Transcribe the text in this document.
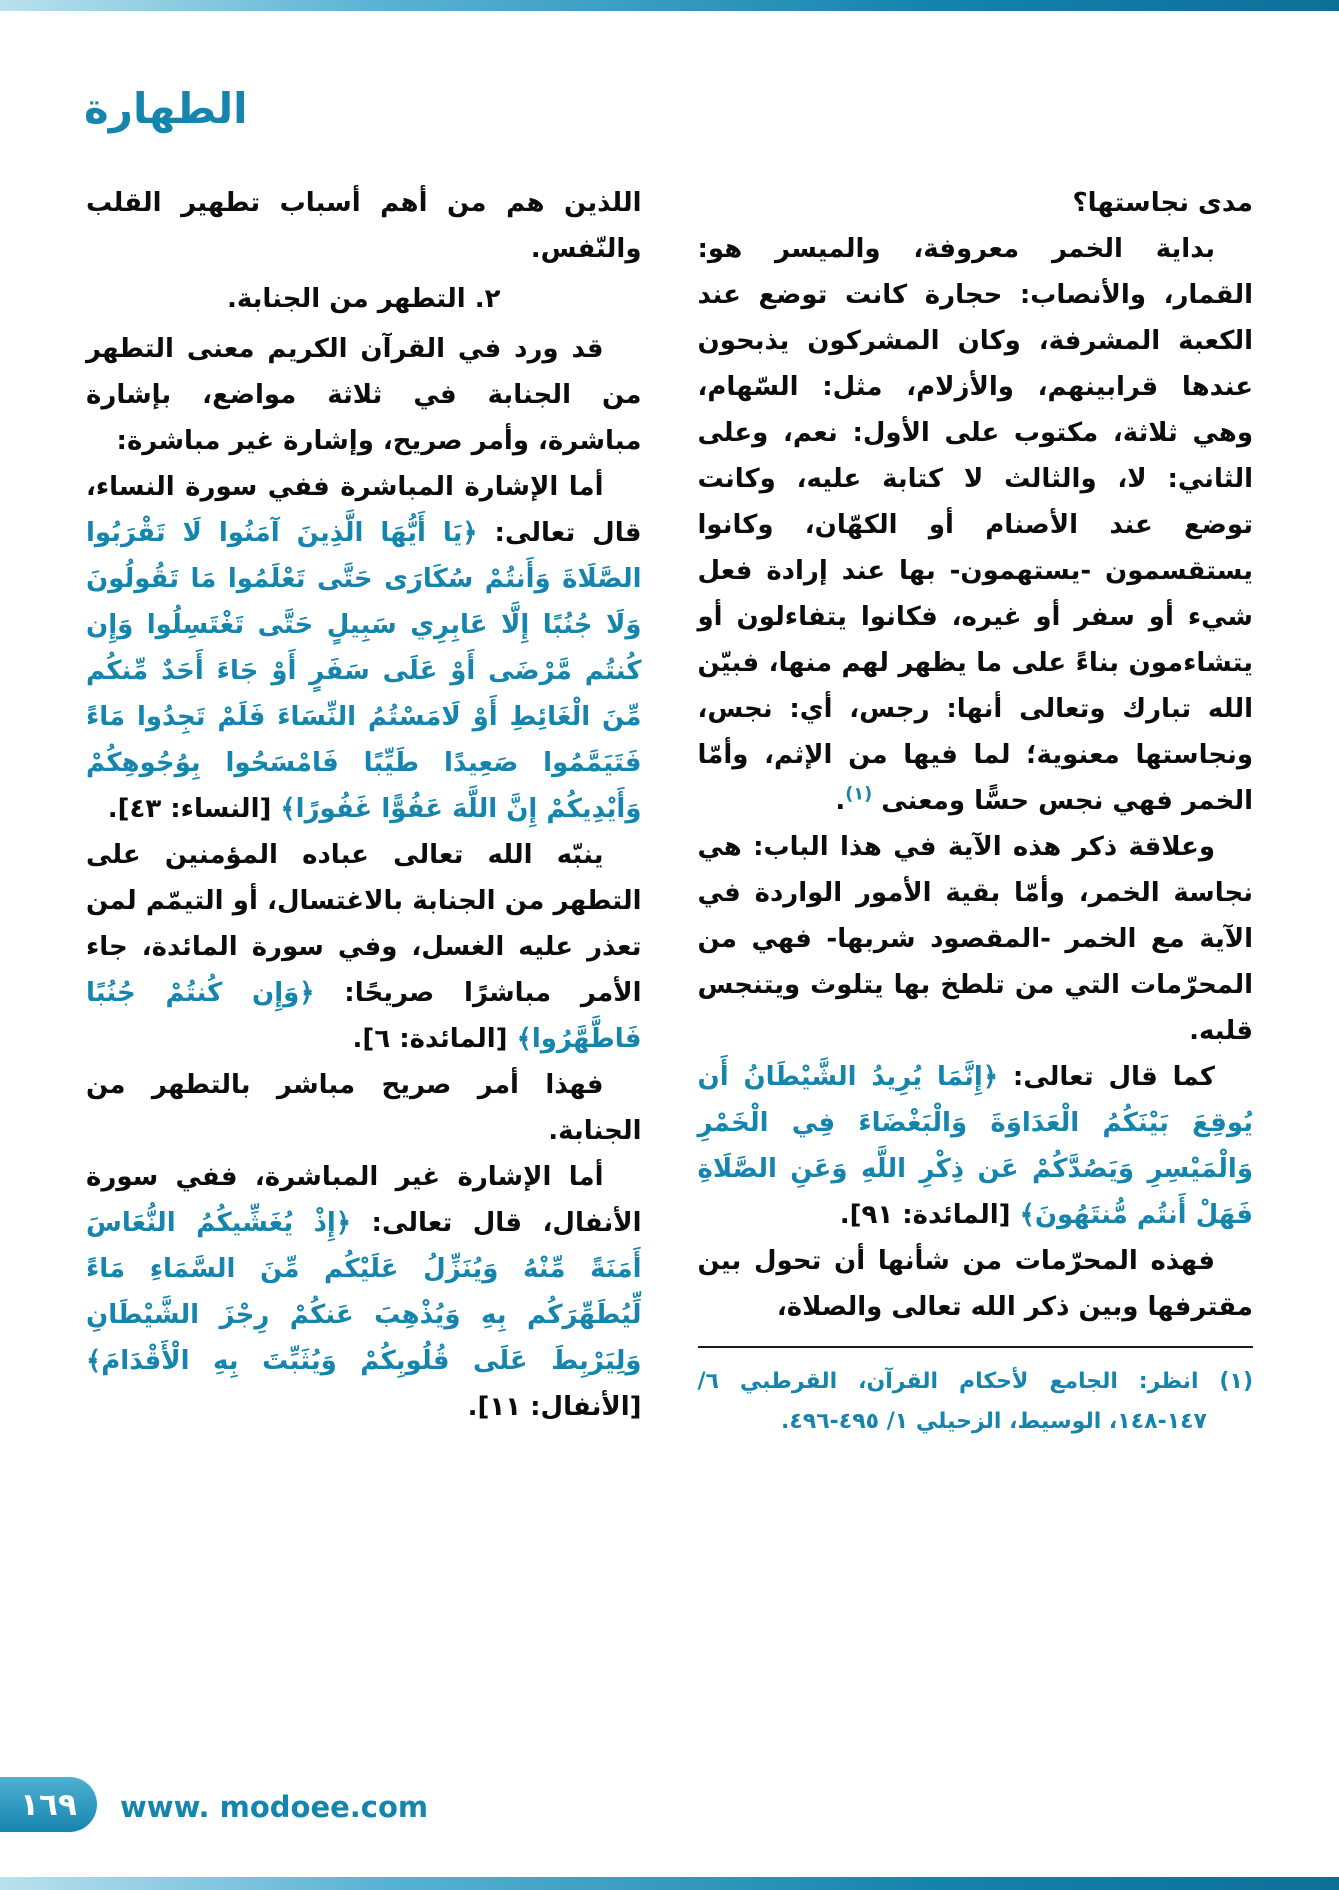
الطهارة

مدى نجاستها؟

بداية الخمر معروفة، والميسر هو: القمار، والأنصاب: حجارة كانت توضع عند الكعبة المشرفة، وكان المشركون يذبحون عندها قرابينهم، والأزلام، مثل: السّهام، وهي ثلاثة، مكتوب على الأول: نعم، وعلى الثاني: لا، والثالث لا كتابة عليه، وكانت توضع عند الأصنام أو الكهّان، وكانوا يستقسمون -يستهمون- بها عند إرادة فعل شيء أو سفر أو غيره، فكانوا يتفاءلون أو يتشاءمون بناءً على ما يظهر لهم منها، فبيّن الله تبارك وتعالى أنها: رجس، أي: نجس، ونجاستها معنوية؛ لما فيها من الإثم، وأمّا الخمر فهي نجس حسًّا ومعنى $^{(١)}$.

وعلاقة ذكر هذه الآية في هذا الباب: هي نجاسة الخمر، وأمّا بقية الأمور الواردة في الآية مع الخمر -المقصود شربها- فهي من المحرّمات التي من تلطخ بها يتلوث ويتنجس قلبه.

كما قال تعالى: ﴿إِنَّمَا يُرِيدُ الشَّيْطَانُ أَن يُوقِعَ بَيْنَكُمُ الْعَدَاوَةَ وَالْبَغْضَاءَ فِي الْخَمْرِ وَالْمَيْسِرِ وَيَصُدَّكُمْ عَن ذِكْرِ اللَّهِ وَعَنِ الصَّلَاةِ فَهَلْ أَنتُم مُّنتَهُونَ﴾ [المائدة: ٩١].

فهذه المحرّمات من شأنها أن تحول بين مقترفها وبين ذكر الله تعالى والصلاة،

(١) انظر: الجامع لأحكام القرآن، القرطبي ٦/ ١٤٧-١٤٨، الوسيط، الزحيلي ١/ ٤٩٥-٤٩٦.

اللذين هم من أهم أسباب تطهير القلب والنّفس.

٢. التطهر من الجنابة.

قد ورد في القرآن الكريم معنى التطهر من الجنابة في ثلاثة مواضع، بإشارة مباشرة، وأمر صريح، وإشارة غير مباشرة:

أما الإشارة المباشرة ففي سورة النساء، قال تعالى: ﴿يَا أَيُّهَا الَّذِينَ آمَنُوا لَا تَقْرَبُوا الصَّلَاةَ وَأَنتُمْ سُكَارَى حَتَّى تَعْلَمُوا مَا تَقُولُونَ وَلَا جُنُبًا إِلَّا عَابِرِي سَبِيلٍ حَتَّى تَغْتَسِلُوا وَإِن كُنتُم مَّرْضَى أَوْ عَلَى سَفَرٍ أَوْ جَاءَ أَحَدٌ مِّنكُم مِّنَ الْغَائِطِ أَوْ لَامَسْتُمُ النِّسَاءَ فَلَمْ تَجِدُوا مَاءً فَتَيَمَّمُوا صَعِيدًا طَيِّبًا فَامْسَحُوا بِوُجُوهِكُمْ وَأَيْدِيكُمْ إِنَّ اللَّهَ عَفُوًّا غَفُورًا﴾ [النساء: ٤٣].

ينبّه الله تعالى عباده المؤمنين على التطهر من الجنابة بالاغتسال، أو التيمّم لمن تعذر عليه الغسل، وفي سورة المائدة، جاء الأمر مباشرًا صريحًا: ﴿وَإِن كُنتُمْ جُنُبًا فَاطَّهَّرُوا﴾ [المائدة: ٦].

فهذا أمر صريح مباشر بالتطهر من الجنابة.

أما الإشارة غير المباشرة، ففي سورة الأنفال، قال تعالى: ﴿إِذْ يُغَشِّيكُمُ النُّعَاسَ أَمَنَةً مِّنْهُ وَيُنَزِّلُ عَلَيْكُم مِّنَ السَّمَاءِ مَاءً لِّيُطَهِّرَكُم بِهِ وَيُذْهِبَ عَنكُمْ رِجْزَ الشَّيْطَانِ وَلِيَرْبِطَ عَلَى قُلُوبِكُمْ وَيُثَبِّتَ بِهِ الْأَقْدَامَ﴾ [الأنفال: ١١].

١٦٩ www. modoee.com
